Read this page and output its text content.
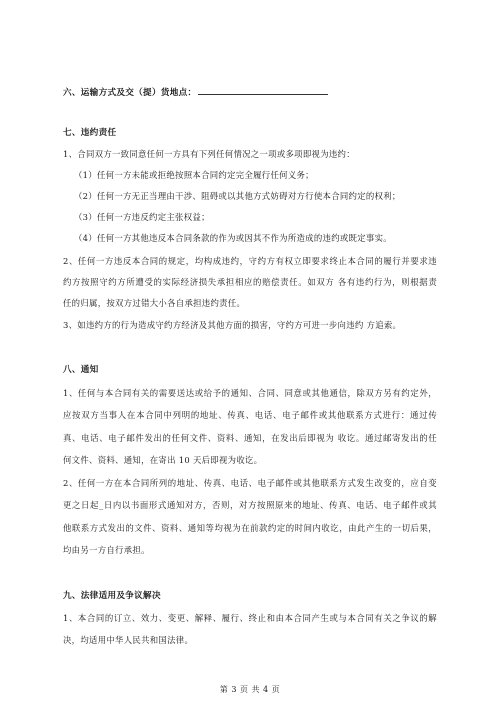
六、运输方式及交（提）货地点：
七、违约责任
1、合同双方一致同意任何一方具有下列任何情况之一项或多项即视为违约：
（1）任何一方未能或拒绝按照本合同约定完全履行任何义务；
（2）任何一方无正当理由干涉、阻碍或以其他方式妨碍对方行使本合同约定的权利；
（3）任何一方违反约定主张权益；
（4）任何一方其他违反本合同条款的作为或因其不作为所造成的违约或既定事实。
2、任何一方违反本合同的规定，均构成违约，守约方有权立即要求终止本合同的履行并要求违
约方按照守约方所遭受的实际经济损失承担相应的赔偿责任。如双方 各有违约行为，则根据责
任的归属，按双方过错大小各自承担违约责任。
3、如违约方的行为造成守约方经济及其他方面的损害，守约方可进一步向违约 方追索。
八、通知
1、任何与本合同有关的需要送达或给予的通知、合同、同意或其他通信，除双方另有约定外，
应按双方当事人在本合同中列明的地址、传真、电话、电子邮件或其他联系方式进行：通过传
真、电话、电子邮件发出的任何文件、资料、通知，在发出后即视为 收讫。通过邮寄发出的任
何文件、资料、通知，在寄出 10 天后即视为收讫。
2、任何一方在本合同所列的地址、传真、电话、电子邮件或其他联系方式发生改变的，应自变
更之日起_日内以书面形式通知对方，否则，对方按照原来的地址、传真、电话、电子邮件或其
他联系方式发出的文件、资料、通知等均视为在前款约定的时间内收讫，由此产生的一切后果，
均由另一方自行承担。
九、法律适用及争议解决
1、本合同的订立、效力、变更、解释、履行、终止和由本合同产生或与本合同有关之争议的解
决，均适用中华人民共和国法律。
第 3 页 共 4 页
